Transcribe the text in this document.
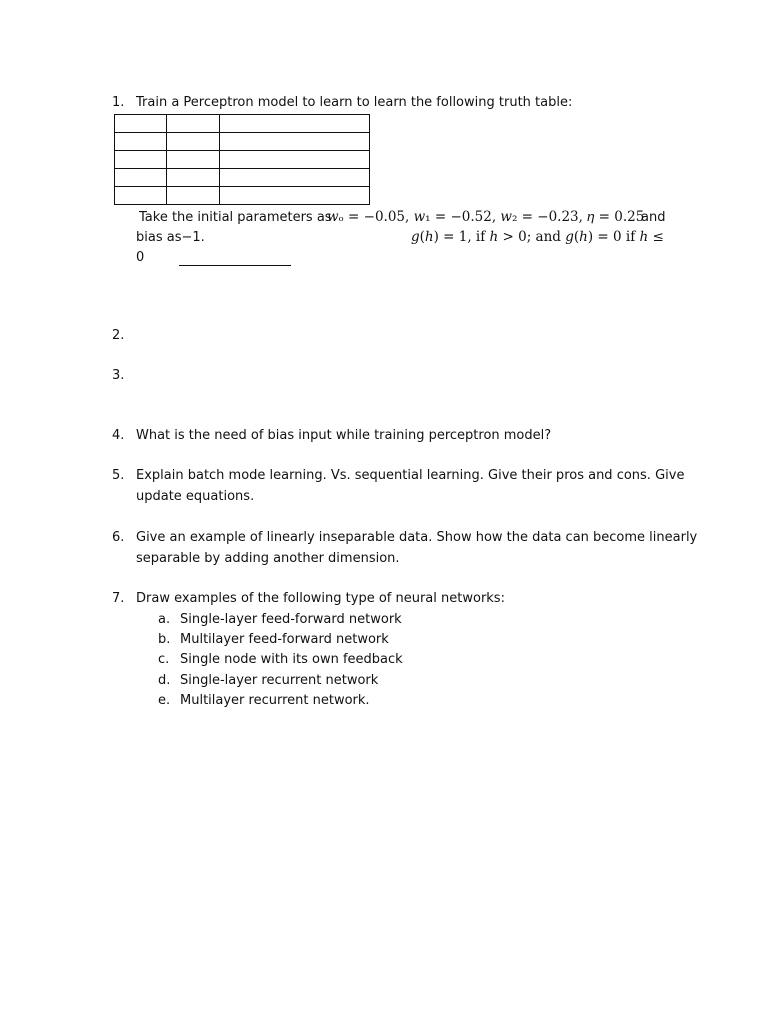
1. Train a Perceptron model to learn to learn the following truth table:

Take the initial parameters as
𝑤ₒ = −0.05, 𝑤₁ = −0.52, 𝑤₂ = −0.23, 𝜂 = 0.25
and
bias as−1.	𝑔(ℎ) = 1, if ℎ > 0; and 𝑔(ℎ) = 0 if ℎ ≤
0
2.
3.
4. What is the need of bias input while training perceptron model?
5. Explain batch mode learning. Vs. sequential learning. Give their pros and cons. Give
update equations.
6. Give an example of linearly inseparable data. Show how the data can become linearly
separable by adding another dimension.
7. Draw examples of the following type of neural networks:
a. Single-layer feed-forward network
b. Multilayer feed-forward network
c. Single node with its own feedback
d. Single-layer recurrent network
e. Multilayer recurrent network.
